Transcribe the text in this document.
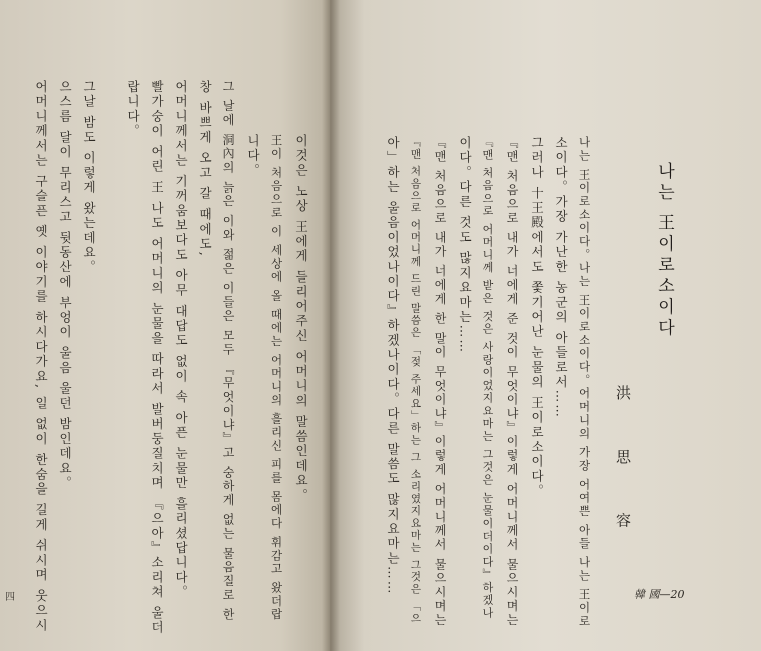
이것은 노상 王에게 들리어주신 어머니의 말씀인데요。
王이 처음으로 이 세상에 올 때에는 어머니의 흘리신 피를 몸에다 휘감고 왔더랍
니다。
그 날에 洞內의 늙은 이와 젊은 이들은 모두 『무엇이냐』고 숭하게 없는 물음질로 한
창 바쁘게 오고 갈 때에도,
어머니께서는 기꺼움보다도 아무 대답도 없이 속 아픈 눈물만 흘리셨답니다。
빨가숭이 어린 王 나도 어머니의 눈물을 따라서 발버둥질치며 『으아』소리쳐 울더
랍니다。
그날 밤도 이렇게 왔는데요。
으스름 달이 무리스고 뒷동산에 부엉이 울음 울던 밤인데요。
어머니께서는 구슬픈 옛 이야기를 하시다가요, 일 없이 한숨을 길게 쉬시며 웃으시
四
나는 王이로소이다
洪 思 容
나는 王이로소이다。나는 王이로소이다。어머니의 가장 어여쁜 아들 나는 王이로
소이다。가장 가난한 농군의 아들로서……
그러나 十王殿에서도 쫓기어난 눈물의 王이로소이다。
『맨 처음으로 내가 너에게 준 것이 무엇이냐』이렇게 어머니께서 물으시며는
『맨 처음으로 어머니께 받은 것은 사랑이었지요마는 그것은 눈물이더이다』하겠나
이다。다른 것도 많지요마는……
『맨 처음으로 내가 너에게 한 말이 무엇이냐』이렇게 어머니께서 물으시며는
『맨 처음으로 어머니께 드린 말씀은 「젖 주세요」하는 그 소리였지요마는 그것은 「으
아」하는 울음이었나이다』하겠나이다。다른 말씀도 많지요마는……	韓 國—20
